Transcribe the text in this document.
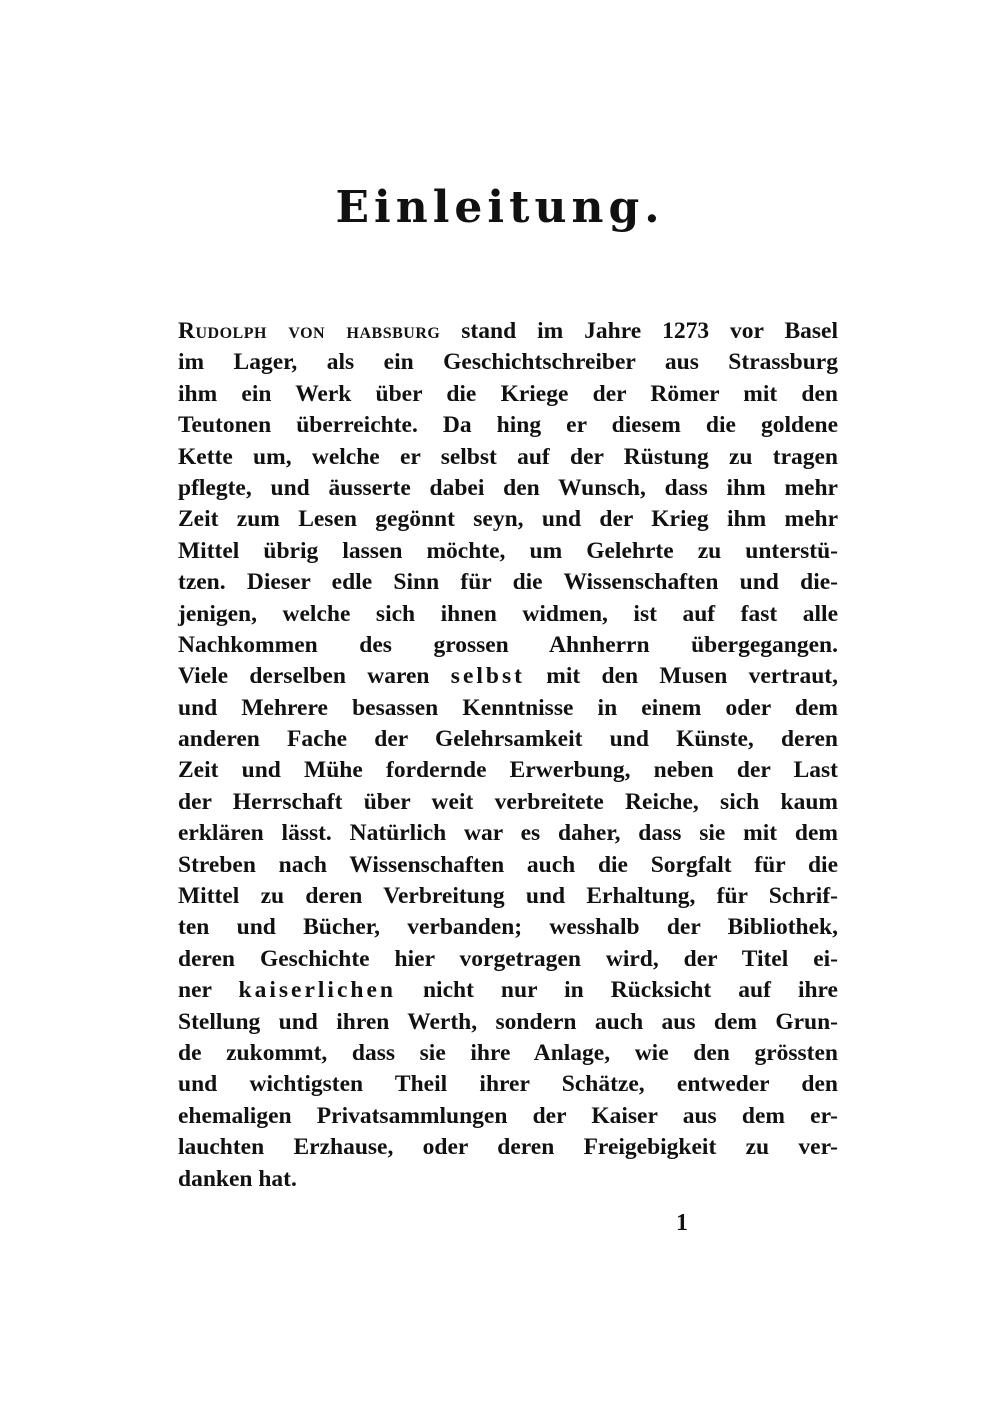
Einleitung.
Rudolph von habsburg stand im Jahre 1273 vor Basel
im Lager, als ein Geschichtschreiber aus Strassburg
ihm ein Werk über die Kriege der Römer mit den
Teutonen überreichte. Da hing er diesem die goldene
Kette um, welche er selbst auf der Rüstung zu tragen
pflegte, und äusserte dabei den Wunsch, dass ihm mehr
Zeit zum Lesen gegönnt seyn, und der Krieg ihm mehr
Mittel übrig lassen möchte, um Gelehrte zu unterstü-
tzen. Dieser edle Sinn für die Wissenschaften und die-
jenigen, welche sich ihnen widmen, ist auf fast alle
Nachkommen des grossen Ahnherrn übergegangen.
Viele derselben waren selbst mit den Musen vertraut,
und Mehrere besassen Kenntnisse in einem oder dem
anderen Fache der Gelehrsamkeit und Künste, deren
Zeit und Mühe fordernde Erwerbung, neben der Last
der Herrschaft über weit verbreitete Reiche, sich kaum
erklären lässt. Natürlich war es daher, dass sie mit dem
Streben nach Wissenschaften auch die Sorgfalt für die
Mittel zu deren Verbreitung und Erhaltung, für Schrif-
ten und Bücher, verbanden; wesshalb der Bibliothek,
deren Geschichte hier vorgetragen wird, der Titel ei-
ner kaiserlichen nicht nur in Rücksicht auf ihre
Stellung und ihren Werth, sondern auch aus dem Grun-
de zukommt, dass sie ihre Anlage, wie den grössten
und wichtigsten Theil ihrer Schätze, entweder den
ehemaligen Privatsammlungen der Kaiser aus dem er-
lauchten Erzhause, oder deren Freigebigkeit zu ver-
danken hat.
1
